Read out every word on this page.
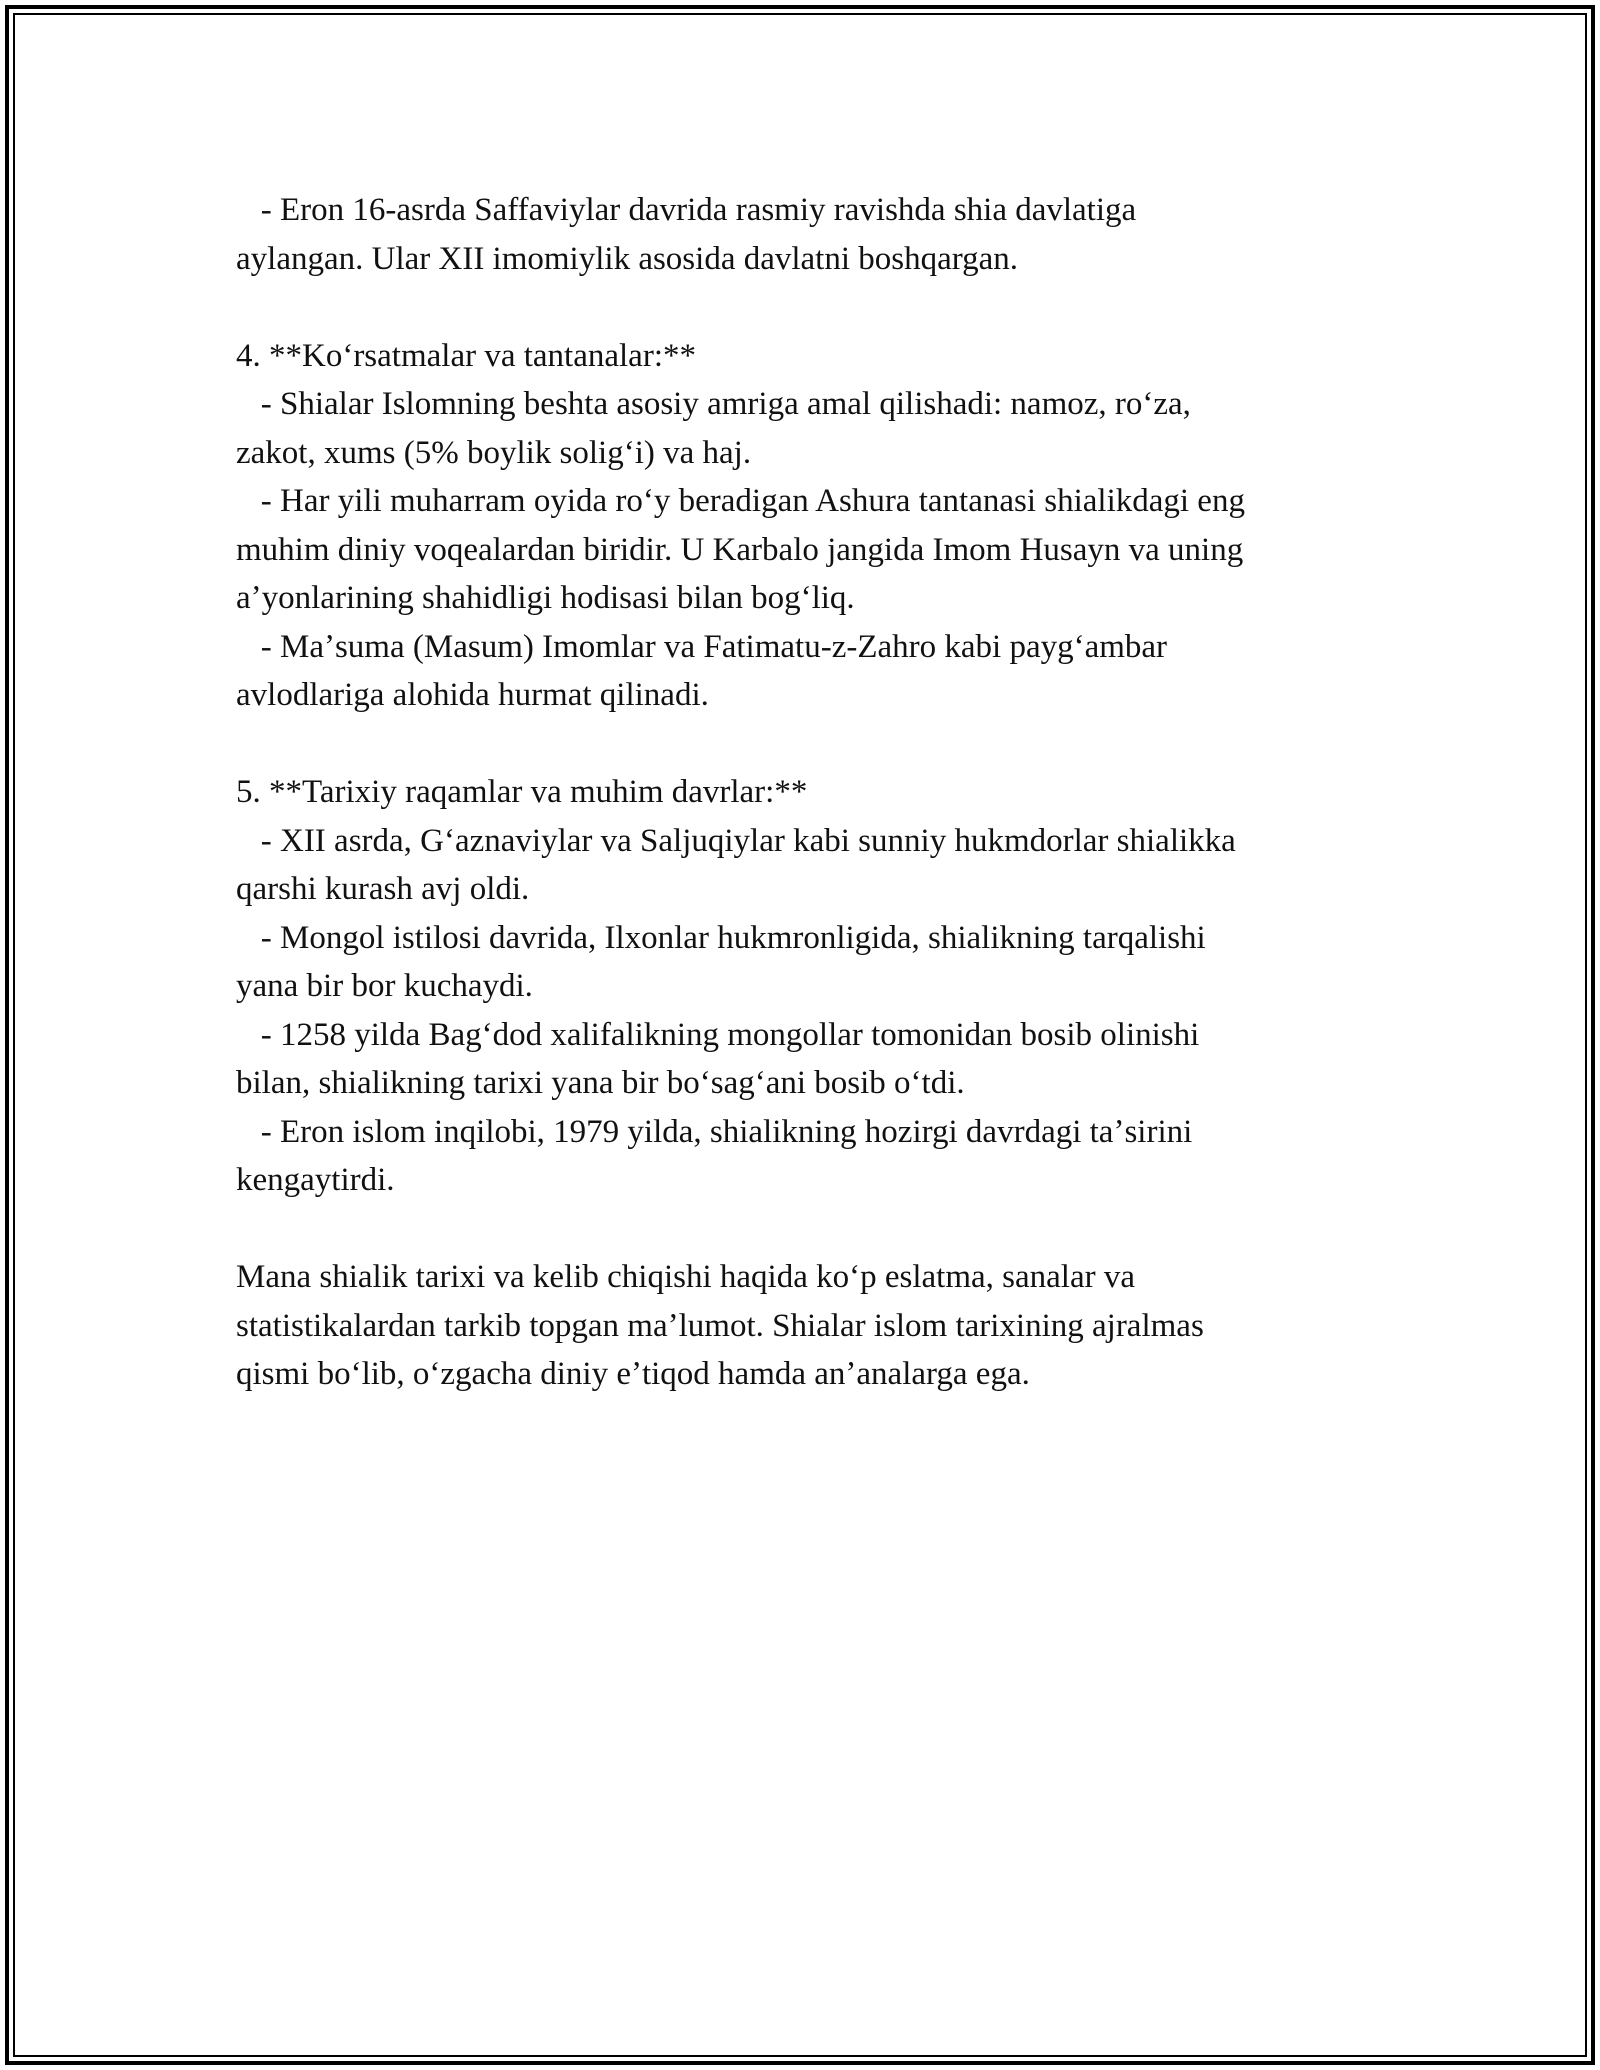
- Eron 16-asrda Saffaviylar davrida rasmiy ravishda shia davlatiga
aylangan. Ular XII imomiylik asosida davlatni boshqargan.
4. **Koʻrsatmalar va tantanalar:**
- Shialar Islomning beshta asosiy amriga amal qilishadi: namoz, roʻza,
zakot, xums (5% boylik soligʻi) va haj.
- Har yili muharram oyida roʻy beradigan Ashura tantanasi shialikdagi eng
muhim diniy voqealardan biridir. U Karbalo jangida Imom Husayn va uning
aʼyonlarining shahidligi hodisasi bilan bogʻliq.
- Maʼsuma (Masum) Imomlar va Fatimatu-z-Zahro kabi paygʻambar
avlodlariga alohida hurmat qilinadi.
5. **Tarixiy raqamlar va muhim davrlar:**
- XII asrda, Gʻaznaviylar va Saljuqiylar kabi sunniy hukmdorlar shialikka
qarshi kurash avj oldi.
- Mongol istilosi davrida, Ilxonlar hukmronligida, shialikning tarqalishi
yana bir bor kuchaydi.
- 1258 yilda Bagʻdod xalifalikning mongollar tomonidan bosib olinishi
bilan, shialikning tarixi yana bir boʻsagʻani bosib oʻtdi.
- Eron islom inqilobi, 1979 yilda, shialikning hozirgi davrdagi taʼsirini
kengaytirdi.
Mana shialik tarixi va kelib chiqishi haqida koʻp eslatma, sanalar va
statistikalardan tarkib topgan maʼlumot. Shialar islom tarixining ajralmas
qismi boʻlib, oʻzgacha diniy eʼtiqod hamda anʼanalarga ega.
